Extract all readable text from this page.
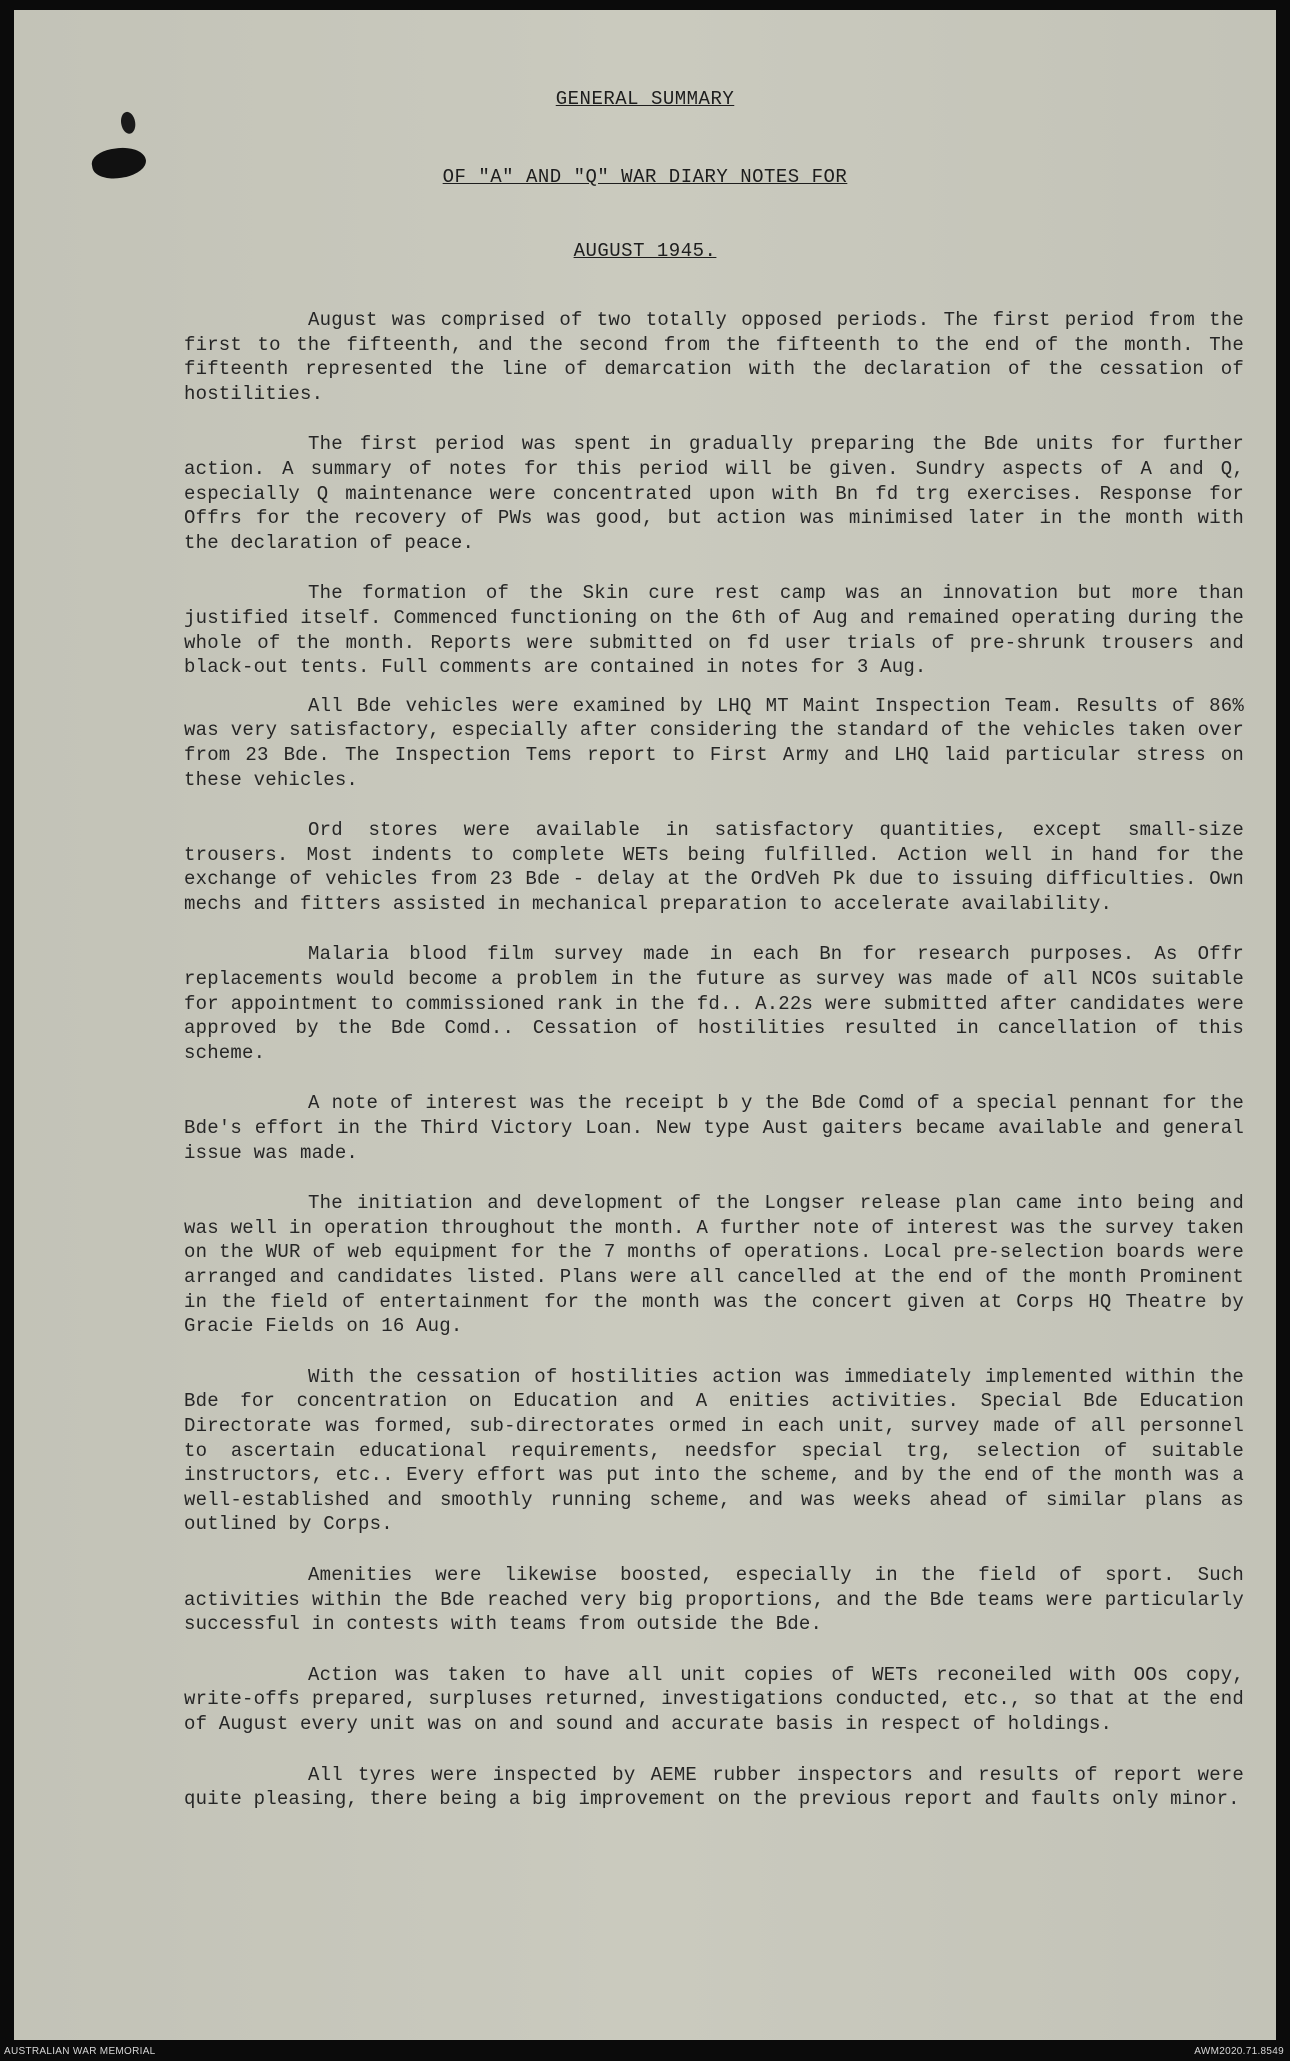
GENERAL SUMMARY
OF "A" AND "Q" WAR DIARY NOTES FOR
AUGUST 1945.

August was comprised of two totally opposed periods. The first period from the first to the fifteenth, and the second from the fifteenth to the end of the month. The fifteenth represented the line of demarcation with the declaration of the cessation of hostilities.

The first period was spent in gradually preparing the Bde units for further action. A summary of notes for this period will be given. Sundry aspects of A and Q, especially Q maintenance were concentrated upon with Bn fd trg exercises. Response for Offrs for the recovery of PWs was good, but action was minimised later in the month with the declaration of peace.

The formation of the Skin cure rest camp was an innovation but more than justified itself. Commenced functioning on the 6th of Aug and remained operating during the whole of the month. Reports were submitted on fd user trials of pre-shrunk trousers and black-out tents. Full comments are contained in notes for 3 Aug.

All Bde vehicles were examined by LHQ MT Maint Inspection Team. Results of 86% was very satisfactory, especially after considering the standard of the vehicles taken over from 23 Bde. The Inspection Tems report to First Army and LHQ laid particular stress on these vehicles.

Ord stores were available in satisfactory quantities, except small-size trousers. Most indents to complete WETs being fulfilled. Action well in hand for the exchange of vehicles from 23 Bde - delay at the OrdVeh Pk due to issuing difficulties. Own mechs and fitters assisted in mechanical preparation to accelerate availability.

Malaria blood film survey made in each Bn for research purposes. As Offr replacements would become a problem in the future as survey was made of all NCOs suitable for appointment to commissioned rank in the fd.. A.22s were submitted after candidates were approved by the Bde Comd.. Cessation of hostilities resulted in cancellation of this scheme.

A note of interest was the receipt b y the Bde Comd of a special pennant for the Bde's effort in the Third Victory Loan. New type Aust gaiters became available and general issue was made.

The initiation and development of the Longser release plan came into being and was well in operation throughout the month. A further note of interest was the survey taken on the WUR of web equipment for the 7 months of operations. Local pre-selection boards were arranged and candidates listed. Plans were all cancelled at the end of the month Prominent in the field of entertainment for the month was the concert given at Corps HQ Theatre by Gracie Fields on 16 Aug.

With the cessation of hostilities action was immediately implemented within the Bde for concentration on Education and A enities activities. Special Bde Education Directorate was formed, sub-directorates ormed in each unit, survey made of all personnel to ascertain educational requirements, needsfor special trg, selection of suitable instructors, etc.. Every effort was put into the scheme, and by the end of the month was a well-established and smoothly running scheme, and was weeks ahead of similar plans as outlined by Corps.

Amenities were likewise boosted, especially in the field of sport. Such activities within the Bde reached very big proportions, and the Bde teams were particularly successful in contests with teams from outside the Bde.

Action was taken to have all unit copies of WETs reconeiled with OOs copy, write-offs prepared, surpluses returned, investigations conducted, etc., so that at the end of August every unit was on and sound and accurate basis in respect of holdings.

All tyres were inspected by AEME rubber inspectors and results of report were quite pleasing, there being a big improvement on the previous report and faults only minor.

AUSTRALIAN WAR MEMORIAL	AWM2020.71.8549
